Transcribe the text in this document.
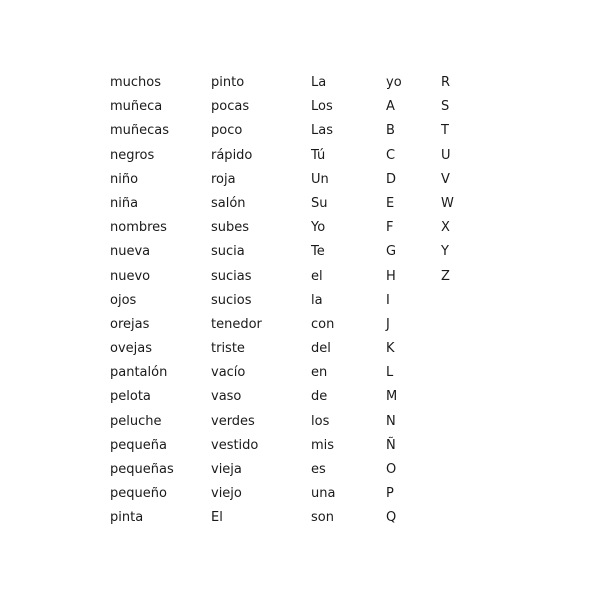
muchos
muñeca
muñecas
negros
niño
niña
nombres
nueva
nuevo
ojos
orejas
ovejas
pantalón
pelota
peluche
pequeña
pequeñas
pequeño
pinta
pinto
pocas
poco
rápido
roja
salón
subes
sucia
sucias
sucios
tenedor
triste
vacío
vaso
verdes
vestido
vieja
viejo
El
La
Los
Las
Tú
Un
Su
Yo
Te
el
la
con
del
en
de
los
mis
es
una
son
yo
A
B
C
D
E
F
G
H
I
J
K
L
M
N
Ñ
O
P
Q
R
S
T
U
V
W
X
Y
Z
